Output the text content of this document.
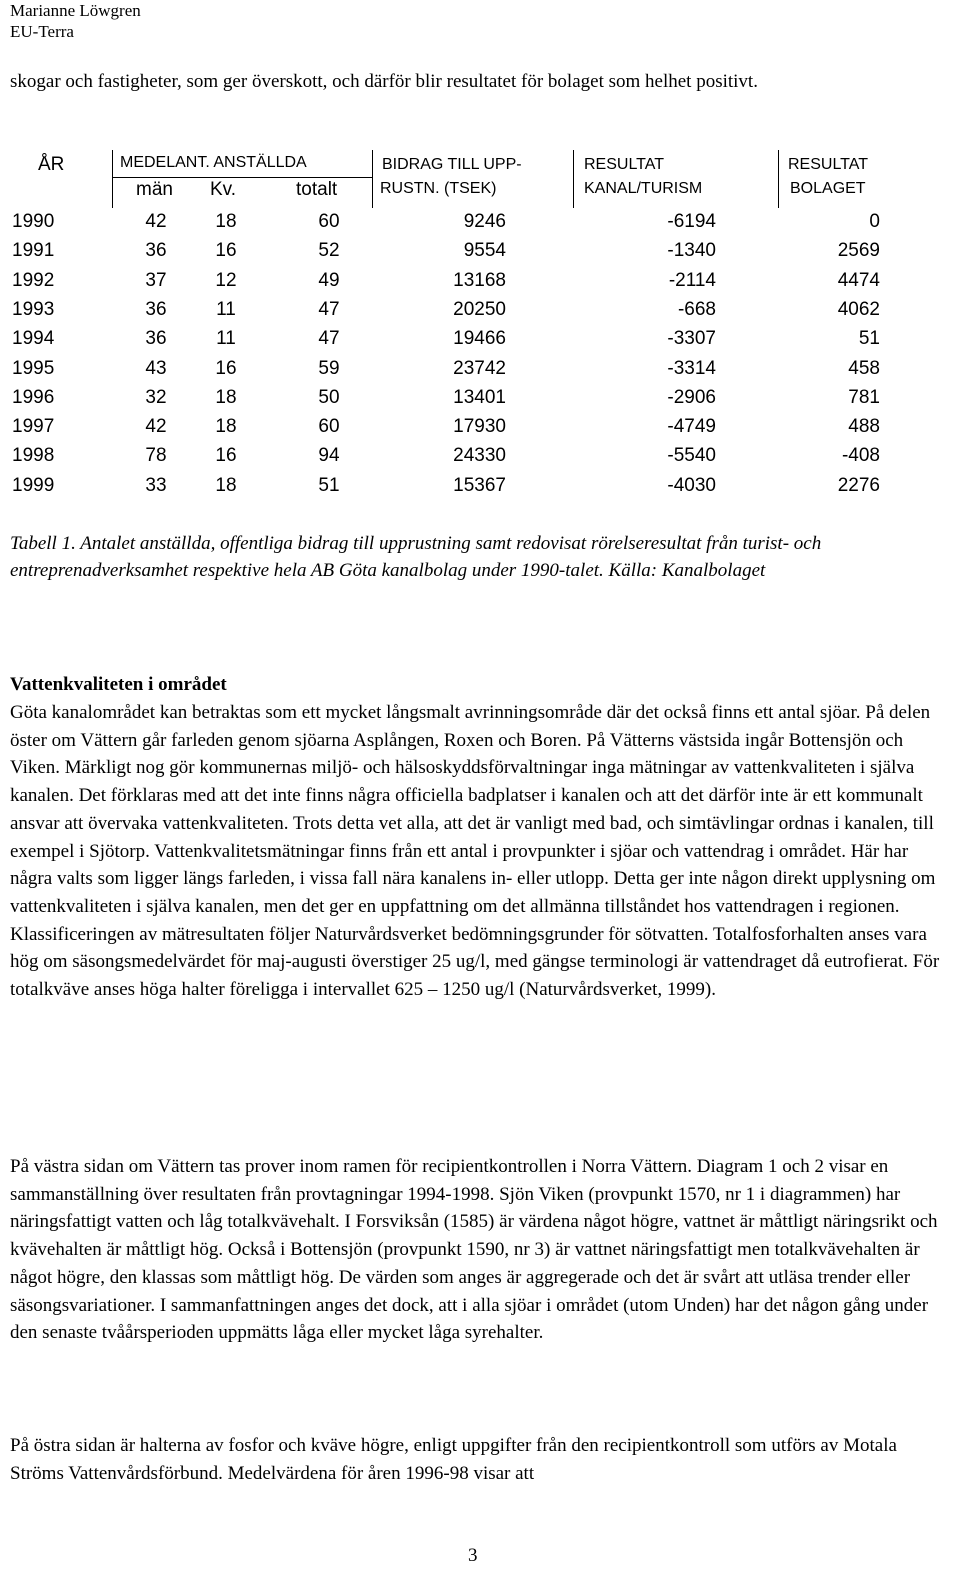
Marianne Löwgren
EU-Terra
skogar och fastigheter, som ger överskott, och därför blir resultatet för bolaget som helhet positivt.
ÅR	MEDELANT. ANSTÄLLDA
män Kv.	totalt
BIDRAG TILL UPP-
RUSTN. (TSEK)
RESULTAT
KANAL/TURISM
RESULTAT
BOLAGET
1990	42	18	60	9246	-6194	0
1991	36	16	52	9554	-1340	2569
1992	37	12	49	13168	-2114	4474
1993	36	11	47	20250	-668	4062
1994	36	11	47	19466	-3307	51
1995	43	16	59	23742	-3314	458
1996	32	18	50	13401	-2906	781
1997	42	18	60	17930	-4749	488
1998	78	16	94	24330	-5540	-408
1999	33	18	51	15367	-4030	2276
Tabell 1. Antalet anställda, offentliga bidrag till upprustning samt redovisat rörelseresultat från turist- och entreprenadverksamhet respektive hela AB Göta kanalbolag under 1990-talet. Källa: Kanalbolaget
Vattenkvaliteten i området
Göta kanalområdet kan betraktas som ett mycket långsmalt avrinningsområde där det också finns ett antal sjöar. På delen öster om Vättern går farleden genom sjöarna Asplången, Roxen och Boren. På Vätterns västsida ingår Bottensjön och Viken. Märkligt nog gör kommunernas miljö- och hälsoskyddsförvaltningar inga mätningar av vattenkvaliteten i själva kanalen. Det förklaras med att det inte finns några officiella badplatser i kanalen och att det därför inte är ett kommunalt ansvar att övervaka vattenkvaliteten. Trots detta vet alla, att det är vanligt med bad, och simtävlingar ordnas i kanalen, till exempel i Sjötorp. Vattenkvalitetsmätningar finns från ett antal i provpunkter i sjöar och vattendrag i området. Här har några valts som ligger längs farleden, i vissa fall nära kanalens in- eller utlopp. Detta ger inte någon direkt upplysning om vattenkvaliteten i själva kanalen, men det ger en uppfattning om det allmänna tillståndet hos vattendragen i regionen. Klassificeringen av mätresultaten följer Naturvårdsverket bedömningsgrunder för sötvatten. Totalfosforhalten anses vara hög om säsongsmedelvärdet för maj-augusti överstiger 25 ug/l, med gängse terminologi är vattendraget då eutrofierat. För totalkväve anses höga halter föreligga i intervallet 625 – 1250 ug/l (Naturvårdsverket, 1999).
På västra sidan om Vättern tas prover inom ramen för recipientkontrollen i Norra Vättern. Diagram 1 och 2 visar en sammanställning över resultaten från provtagningar 1994-1998. Sjön Viken (provpunkt 1570, nr 1 i diagrammen) har näringsfattigt vatten och låg totalkvävehalt. I Forsviksån (1585) är värdena något högre, vattnet är måttligt näringsrikt och kvävehalten är måttligt hög. Också i Bottensjön (provpunkt 1590, nr 3) är vattnet näringsfattigt men totalkvävehalten är något högre, den klassas som måttligt hög. De värden som anges är aggregerade och det är svårt att utläsa trender eller säsongsvariationer. I sammanfattningen anges det dock, att i alla sjöar i området (utom Unden) har det någon gång under den senaste tvåårsperioden uppmätts låga eller mycket låga syrehalter.
På östra sidan är halterna av fosfor och kväve högre, enligt uppgifter från den recipientkontroll som utförs av Motala Ströms Vattenvårdsförbund. Medelvärdena för åren 1996-98 visar att
3
